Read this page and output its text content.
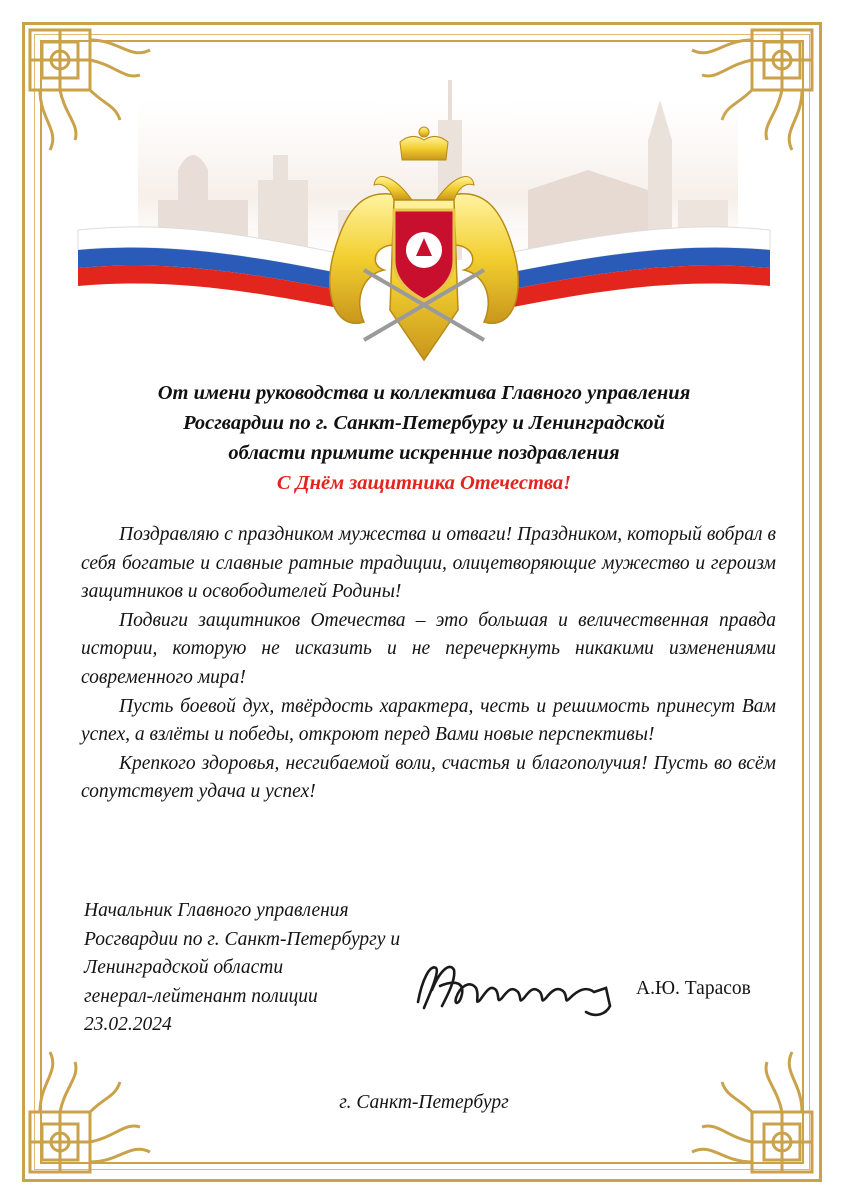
От имени руководства и коллектива Главного управления
Росгвардии по г. Санкт-Петербургу и Ленинградской
области примите искренние поздравления
С Днём защитника Отечества!

Поздравляю с праздником мужества и отваги! Праздником, который вобрал в себя богатые и славные ратные традиции, олицетворяющие мужество и героизм защитников и освободителей Родины!

Подвиги защитников Отечества – это большая и величественная правда истории, которую не исказить и не перечеркнуть никакими изменениями современного мира!

Пусть боевой дух, твёрдость характера, честь и решимость принесут Вам успех, а взлёты и победы, откроют перед Вами новые перспективы!

Крепкого здоровья, несгибаемой воли, счастья и благополучия! Пусть во всём сопутствует удача и успех!

Начальник Главного управления
Росгвардии по г. Санкт-Петербургу и
Ленинградской области
генерал-лейтенант полиции
23.02.2024
А.Ю. Тарасов
г. Санкт-Петербург
